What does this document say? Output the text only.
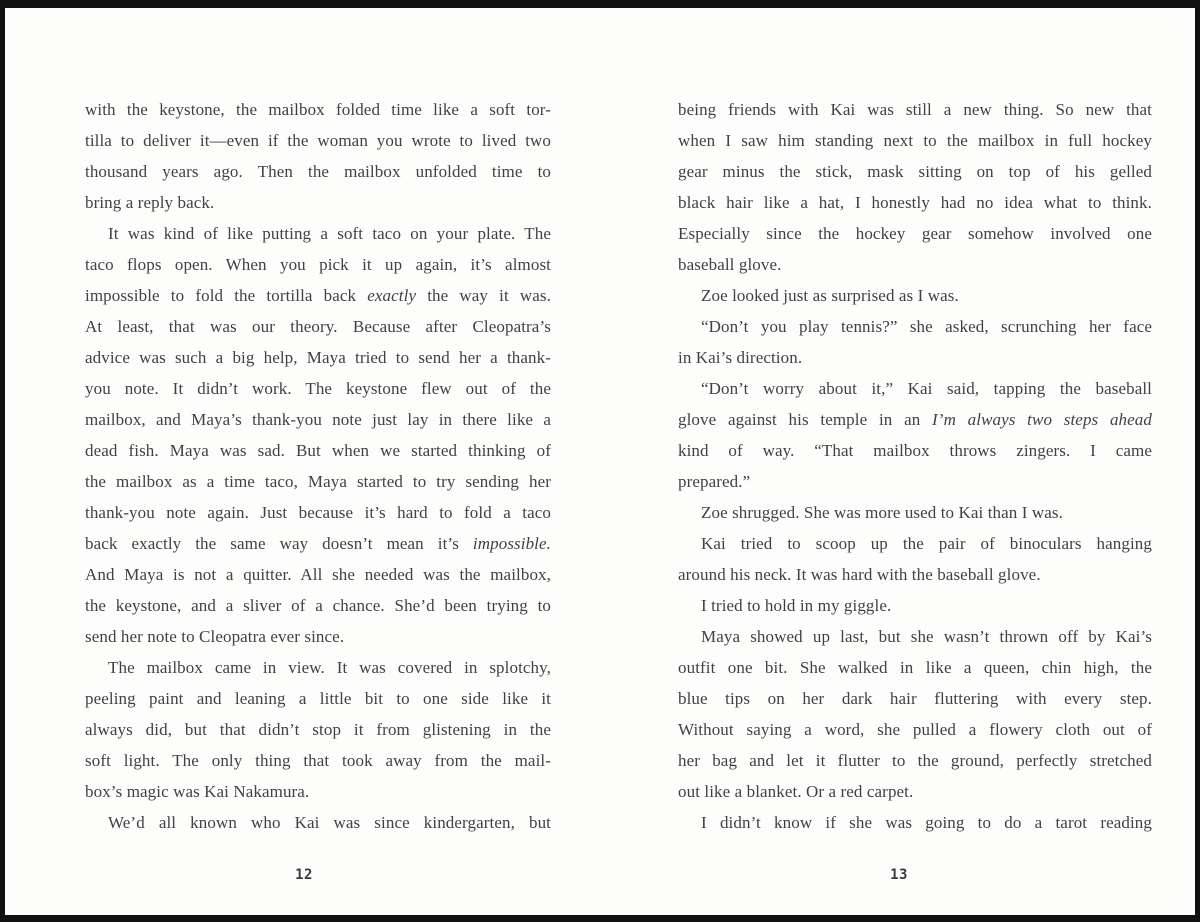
with the keystone, the mailbox folded time like a soft tor-
tilla to deliver it—even if the woman you wrote to lived two
thousand years ago. Then the mailbox unfolded time to
bring a reply back.
It was kind of like putting a soft taco on your plate. The
taco flops open. When you pick it up again, it’s almost
impossible to fold the tortilla back exactly the way it was.
At least, that was our theory. Because after Cleopatra’s
advice was such a big help, Maya tried to send her a thank-
you note. It didn’t work. The keystone flew out of the
mailbox, and Maya’s thank-you note just lay in there like a
dead fish. Maya was sad. But when we started thinking of
the mailbox as a time taco, Maya started to try sending her
thank-you note again. Just because it’s hard to fold a taco
back exactly the same way doesn’t mean it’s impossible.
And Maya is not a quitter. All she needed was the mailbox,
the keystone, and a sliver of a chance. She’d been trying to
send her note to Cleopatra ever since.
The mailbox came in view. It was covered in splotchy,
peeling paint and leaning a little bit to one side like it
always did, but that didn’t stop it from glistening in the
soft light. The only thing that took away from the mail-
box’s magic was Kai Nakamura.
We’d all known who Kai was since kindergarten, but
being friends with Kai was still a new thing. So new that
when I saw him standing next to the mailbox in full hockey
gear minus the stick, mask sitting on top of his gelled
black hair like a hat, I honestly had no idea what to think.
Especially since the hockey gear somehow involved one
baseball glove.
Zoe looked just as surprised as I was.
“Don’t you play tennis?” she asked, scrunching her face
in Kai’s direction.
“Don’t worry about it,” Kai said, tapping the baseball
glove against his temple in an I’m always two steps ahead
kind of way. “That mailbox throws zingers. I came
prepared.”
Zoe shrugged. She was more used to Kai than I was.
Kai tried to scoop up the pair of binoculars hanging
around his neck. It was hard with the baseball glove.
I tried to hold in my giggle.
Maya showed up last, but she wasn’t thrown off by Kai’s
outfit one bit. She walked in like a queen, chin high, the
blue tips on her dark hair fluttering with every step.
Without saying a word, she pulled a flowery cloth out of
her bag and let it flutter to the ground, perfectly stretched
out like a blanket. Or a red carpet.
I didn’t know if she was going to do a tarot reading
12	13
